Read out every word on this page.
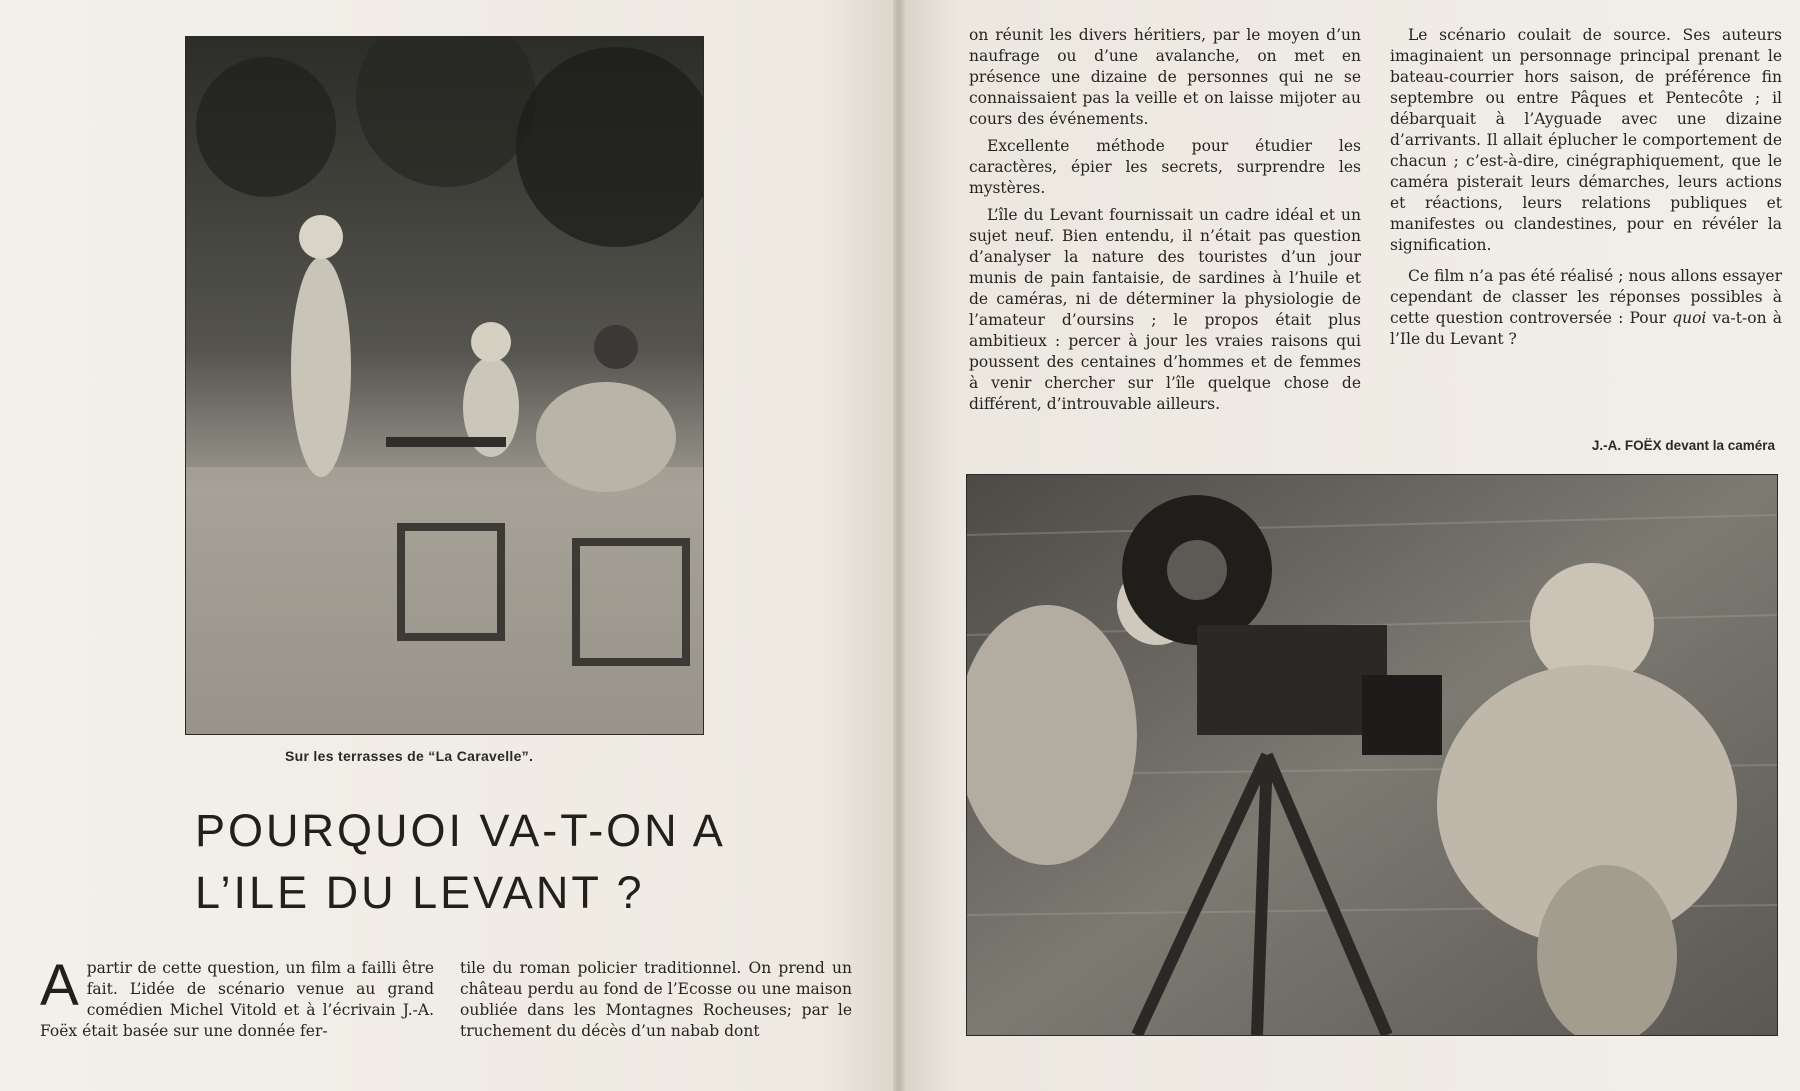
Sur les terrasses de “La Caravelle”.
POURQUOI VA-T-ON A
L’ILE DU LEVANT ?
A partir de cette question, un film a failli être fait. L’idée de scénario venue au grand comédien Michel Vitold et à l’écrivain J.-A. Foëx était basée sur une donnée fer-
tile du roman policier traditionnel. On prend un château perdu au fond de l’Ecosse ou une maison oubliée dans les Montagnes Rocheuses; par le truchement du décès d’un nabab dont

on réunit les divers héritiers, par le moyen d’un naufrage ou d’une avalanche, on met en présence une dizaine de personnes qui ne se connaissaient pas la veille et on laisse mijoter au cours des événements.

Excellente méthode pour étudier les caractères, épier les secrets, surprendre les mystères.

L’île du Levant fournissait un cadre idéal et un sujet neuf. Bien entendu, il n’était pas question d’analyser la nature des touristes d’un jour munis de pain fantaisie, de sardines à l’huile et de caméras, ni de déterminer la physiologie de l’amateur d’oursins ; le propos était plus ambitieux : percer à jour les vraies raisons qui poussent des centaines d’hommes et de femmes à venir chercher sur l’île quelque chose de différent, d’introuvable ailleurs.

Le scénario coulait de source. Ses auteurs imaginaient un personnage principal prenant le bateau-courrier hors saison, de préférence fin septembre ou entre Pâques et Pentecôte ; il débarquait à l’Ayguade avec une dizaine d’arrivants. Il allait éplucher le comportement de chacun ; c’est-à-dire, cinégraphiquement, que le caméra pisterait leurs démarches, leurs actions et réactions, leurs relations publiques et manifestes ou clandestines, pour en révéler la signification.

Ce film n’a pas été réalisé ; nous allons essayer cependant de classer les réponses possibles à cette question controversée : Pour quoi va-t-on à l’Ile du Levant ?

J.-A. FOËX devant la caméra
